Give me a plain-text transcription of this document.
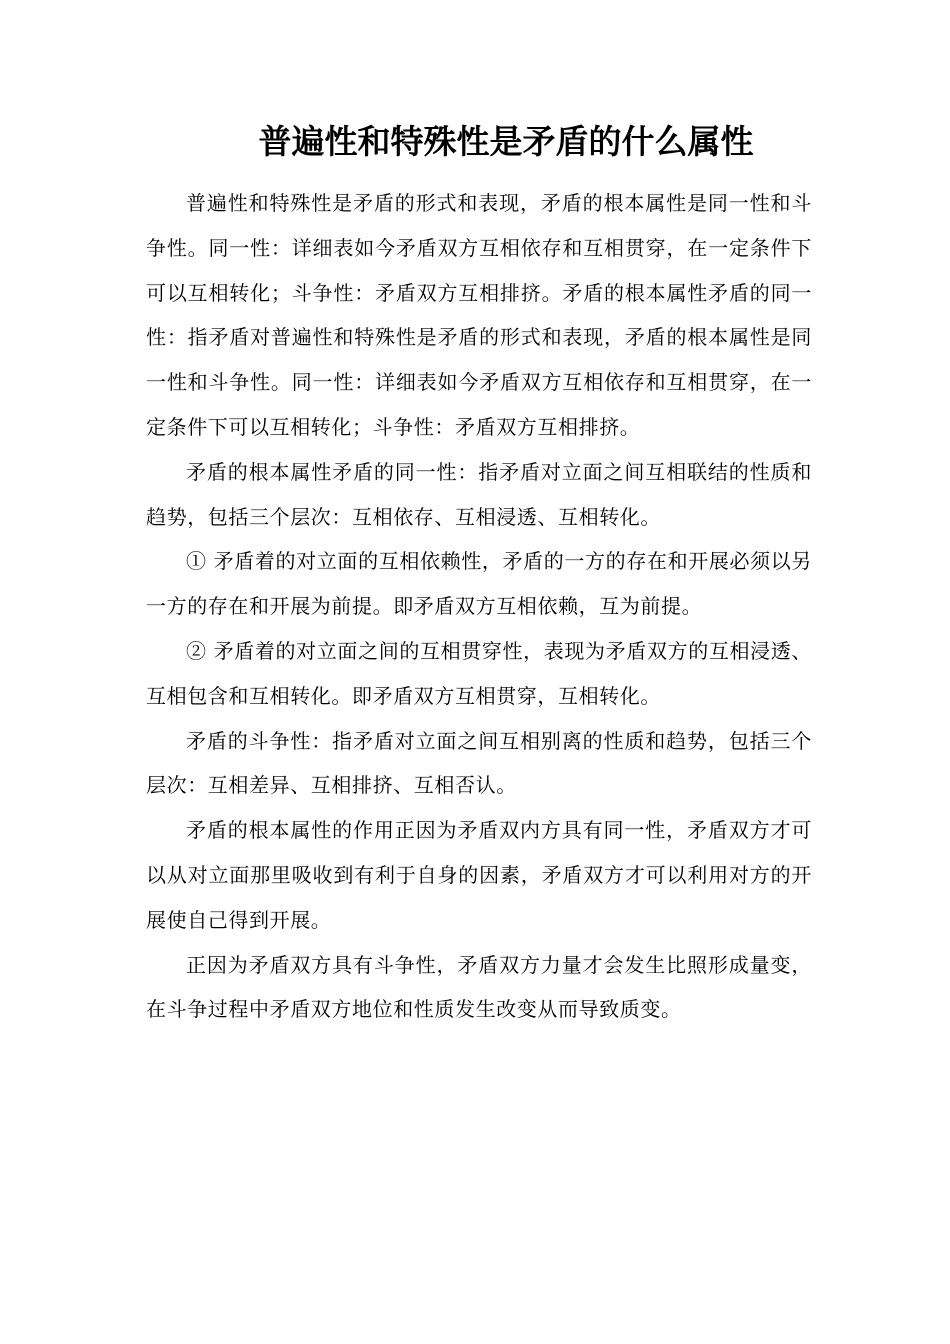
普遍性和特殊性是矛盾的什么属性

普遍性和特殊性是矛盾的形式和表现，矛盾的根本属性是同一性和斗争性。同一性：详细表如今矛盾双方互相依存和互相贯穿，在一定条件下可以互相转化；斗争性：矛盾双方互相排挤。矛盾的根本属性矛盾的同一性：指矛盾对普遍性和特殊性是矛盾的形式和表现，矛盾的根本属性是同一性和斗争性。同一性：详细表如今矛盾双方互相依存和互相贯穿，在一定条件下可以互相转化；斗争性：矛盾双方互相排挤。

矛盾的根本属性矛盾的同一性：指矛盾对立面之间互相联结的性质和趋势，包括三个层次：互相依存、互相浸透、互相转化。

① 矛盾着的对立面的互相依赖性，矛盾的一方的存在和开展必须以另一方的存在和开展为前提。即矛盾双方互相依赖，互为前提。

② 矛盾着的对立面之间的互相贯穿性，表现为矛盾双方的互相浸透、互相包含和互相转化。即矛盾双方互相贯穿，互相转化。

矛盾的斗争性：指矛盾对立面之间互相别离的性质和趋势，包括三个层次：互相差异、互相排挤、互相否认。

矛盾的根本属性的作用正因为矛盾双内方具有同一性，矛盾双方才可以从对立面那里吸收到有利于自身的因素，矛盾双方才可以利用对方的开展使自己得到开展。

正因为矛盾双方具有斗争性，矛盾双方力量才会发生比照形成量变，在斗争过程中矛盾双方地位和性质发生改变从而导致质变。
